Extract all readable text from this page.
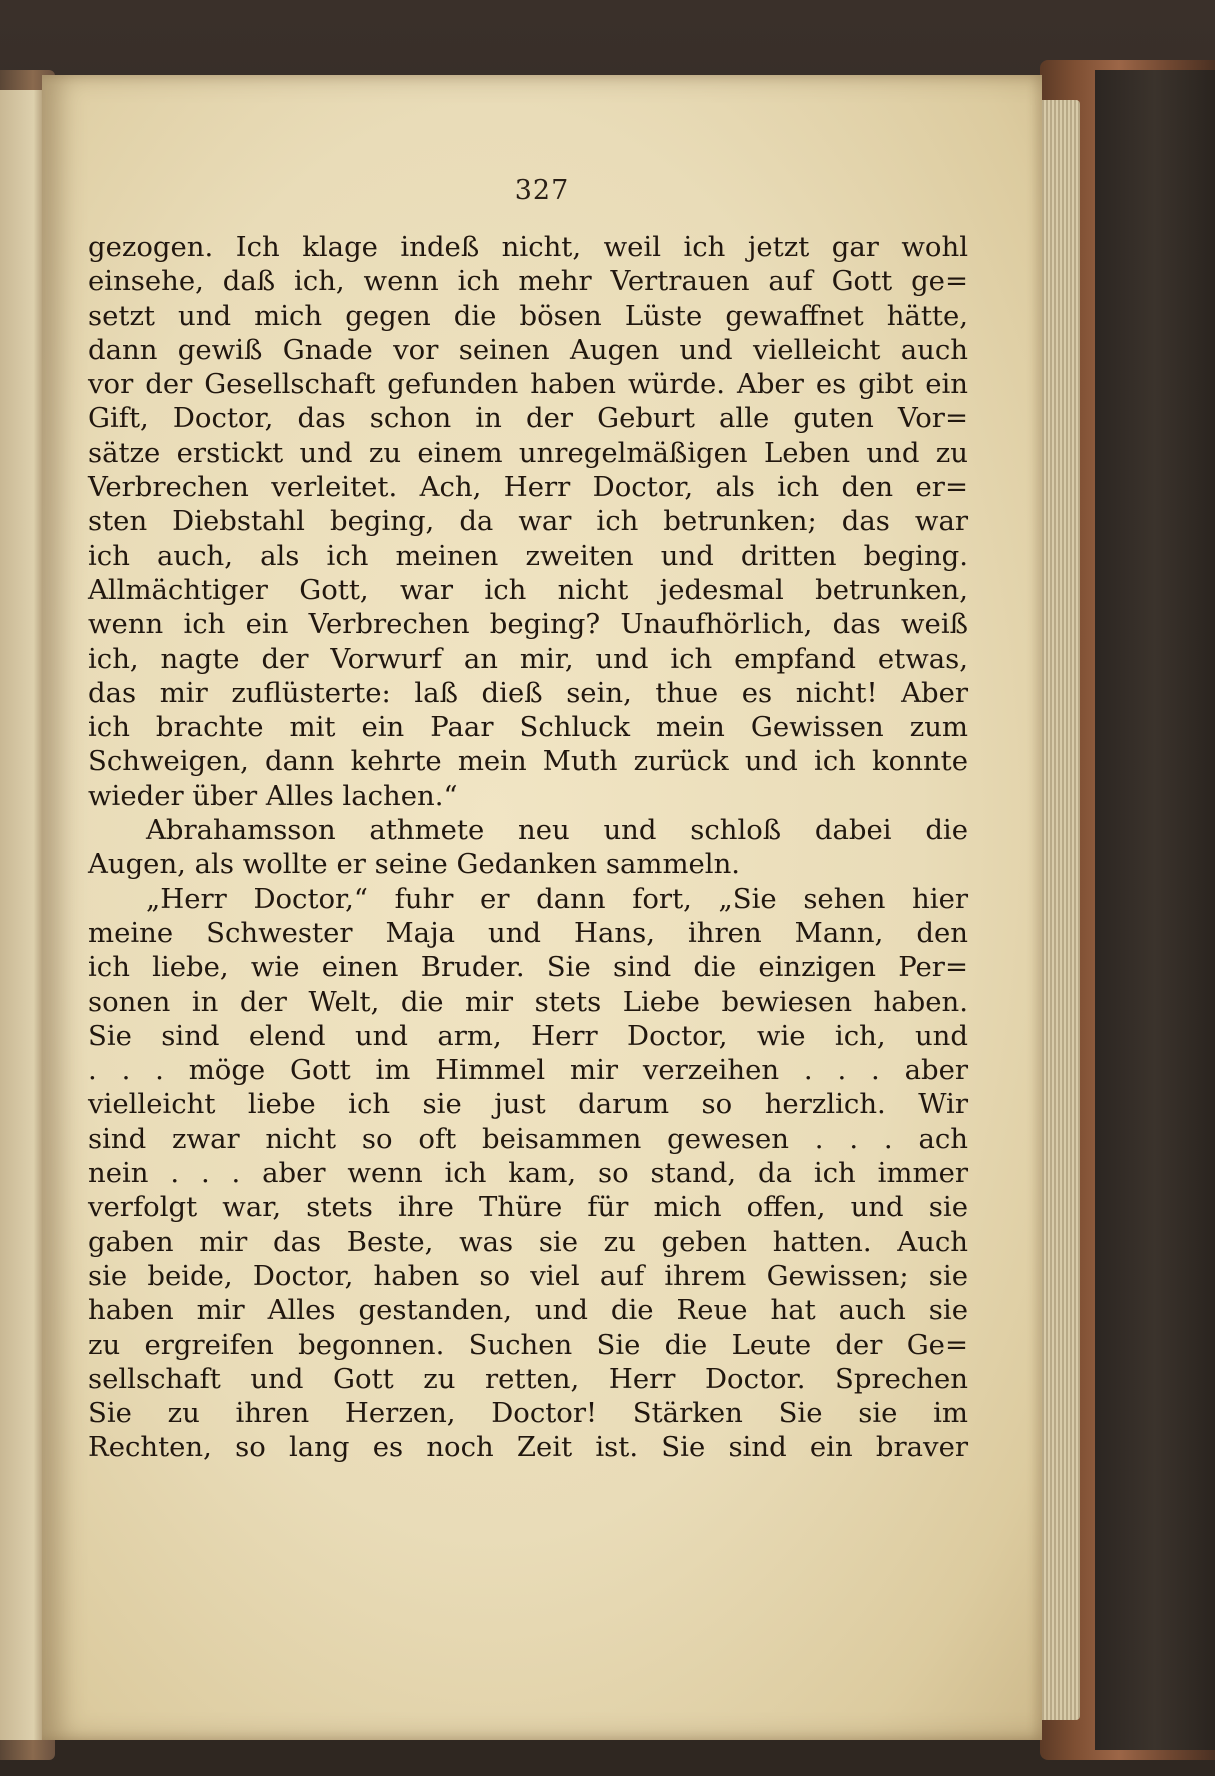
327
gezogen. Ich klage indeß nicht, weil ich jetzt gar wohl
einsehe, daß ich, wenn ich mehr Vertrauen auf Gott ge=
setzt und mich gegen die bösen Lüste gewaffnet hätte,
dann gewiß Gnade vor seinen Augen und vielleicht auch
vor der Gesellschaft gefunden haben würde. Aber es gibt ein
Gift, Doctor, das schon in der Geburt alle guten Vor=
sätze erstickt und zu einem unregelmäßigen Leben und zu
Verbrechen verleitet. Ach, Herr Doctor, als ich den er=
sten Diebstahl beging, da war ich betrunken; das war
ich auch, als ich meinen zweiten und dritten beging.
Allmächtiger Gott, war ich nicht jedesmal betrunken,
wenn ich ein Verbrechen beging? Unaufhörlich, das weiß
ich, nagte der Vorwurf an mir, und ich empfand etwas,
das mir zuflüsterte: laß dieß sein, thue es nicht! Aber
ich brachte mit ein Paar Schluck mein Gewissen zum
Schweigen, dann kehrte mein Muth zurück und ich konnte
wieder über Alles lachen.“
Abrahamsson athmete neu und schloß dabei die
Augen, als wollte er seine Gedanken sammeln.
„Herr Doctor,“ fuhr er dann fort, „Sie sehen hier
meine Schwester Maja und Hans, ihren Mann, den
ich liebe, wie einen Bruder. Sie sind die einzigen Per=
sonen in der Welt, die mir stets Liebe bewiesen haben.
Sie sind elend und arm, Herr Doctor, wie ich, und
. . . möge Gott im Himmel mir verzeihen . . . aber
vielleicht liebe ich sie just darum so herzlich. Wir
sind zwar nicht so oft beisammen gewesen . . . ach
nein . . . aber wenn ich kam, so stand, da ich immer
verfolgt war, stets ihre Thüre für mich offen, und sie
gaben mir das Beste, was sie zu geben hatten. Auch
sie beide, Doctor, haben so viel auf ihrem Gewissen; sie
haben mir Alles gestanden, und die Reue hat auch sie
zu ergreifen begonnen. Suchen Sie die Leute der Ge=
sellschaft und Gott zu retten, Herr Doctor. Sprechen
Sie zu ihren Herzen, Doctor! Stärken Sie sie im
Rechten, so lang es noch Zeit ist. Sie sind ein braver
